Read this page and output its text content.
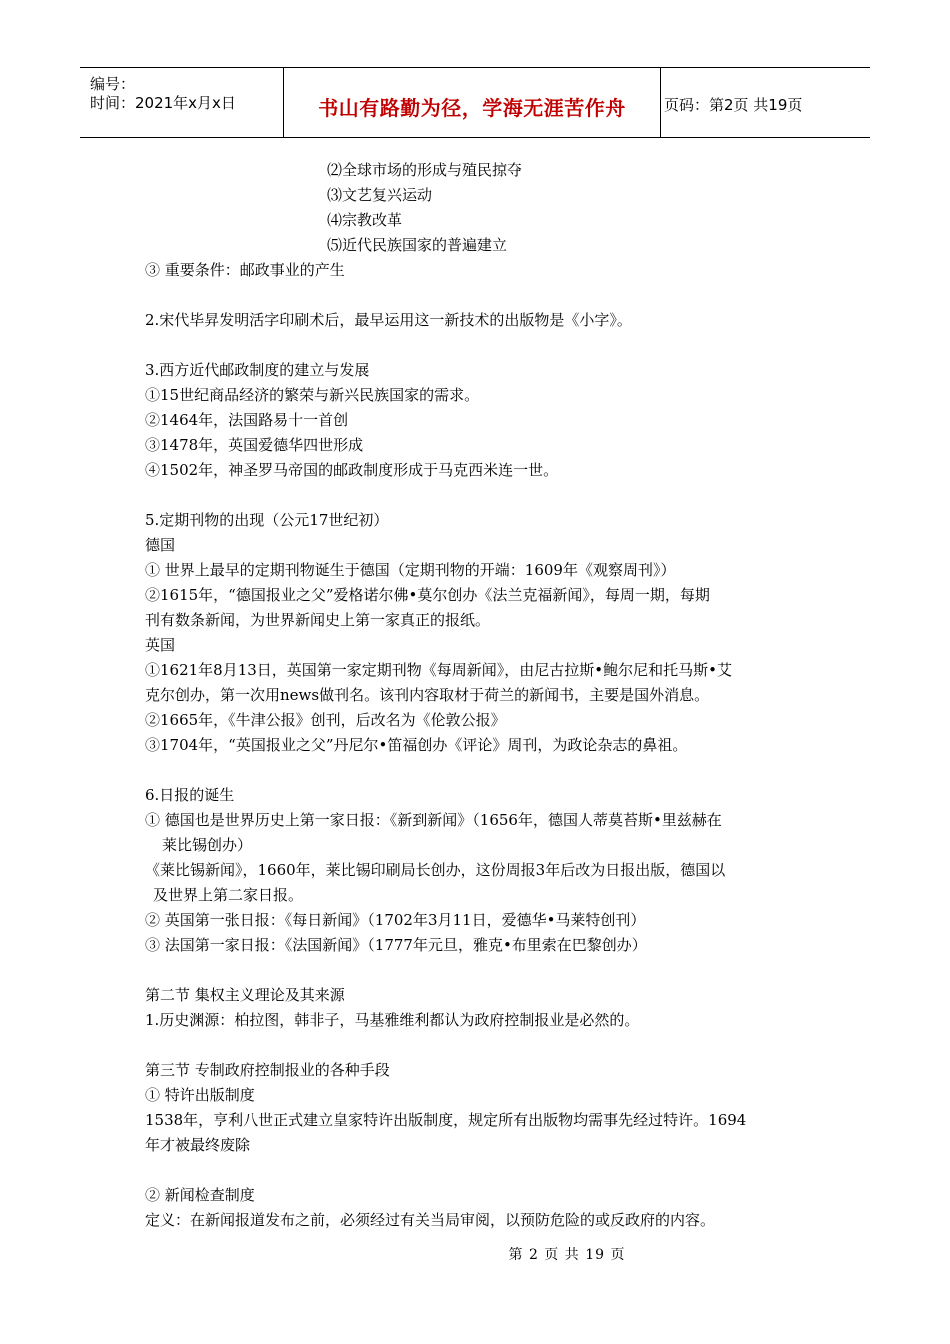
编号：
时间：2021年x月x日	书山有路勤为径，学海无涯苦作舟	页码：第2页 共19页
⑵全球市场的形成与殖民掠夺
⑶文艺复兴运动
⑷宗教改革
⑸近代民族国家的普遍建立
③ 重要条件：邮政事业的产生
2.宋代毕昇发明活字印刷术后，最早运用这一新技术的出版物是《小字》。
3.西方近代邮政制度的建立与发展
①15世纪商品经济的繁荣与新兴民族国家的需求。
②1464年，法国路易十一首创
③1478年，英国爱德华四世形成
④1502年，神圣罗马帝国的邮政制度形成于马克西米连一世。
5.定期刊物的出现（公元17世纪初）
德国
① 世界上最早的定期刊物诞生于德国（定期刊物的开端：1609年《观察周刊》）
②1615年，“德国报业之父”爱格诺尔佛•莫尔创办《法兰克福新闻》，每周一期，每期
刊有数条新闻，为世界新闻史上第一家真正的报纸。
英国
①1621年8月13日，英国第一家定期刊物《每周新闻》，由尼古拉斯•鲍尔尼和托马斯•艾
克尔创办，第一次用news做刊名。该刊内容取材于荷兰的新闻书，主要是国外消息。
②1665年，《牛津公报》创刊，后改名为《伦敦公报》
③1704年，“英国报业之父”丹尼尔•笛福创办《评论》周刊，为政论杂志的鼻祖。
6.日报的诞生
① 德国也是世界历史上第一家日报：《新到新闻》（1656年，德国人蒂莫苔斯•里兹赫在
莱比锡创办）
《莱比锡新闻》，1660年，莱比锡印刷局长创办，这份周报3年后改为日报出版，德国以
及世界上第二家日报。
② 英国第一张日报：《每日新闻》（1702年3月11日，爱德华•马莱特创刊）
③ 法国第一家日报：《法国新闻》（1777年元旦，雅克•布里索在巴黎创办）
第二节 集权主义理论及其来源
1.历史渊源：柏拉图，韩非子，马基雅维利都认为政府控制报业是必然的。
第三节 专制政府控制报业的各种手段
① 特许出版制度
1538年，亨利八世正式建立皇家特许出版制度，规定所有出版物均需事先经过特许。1694
年才被最终废除
② 新闻检查制度
定义：在新闻报道发布之前，必须经过有关当局审阅，以预防危险的或反政府的内容。
第 2 页 共 19 页
